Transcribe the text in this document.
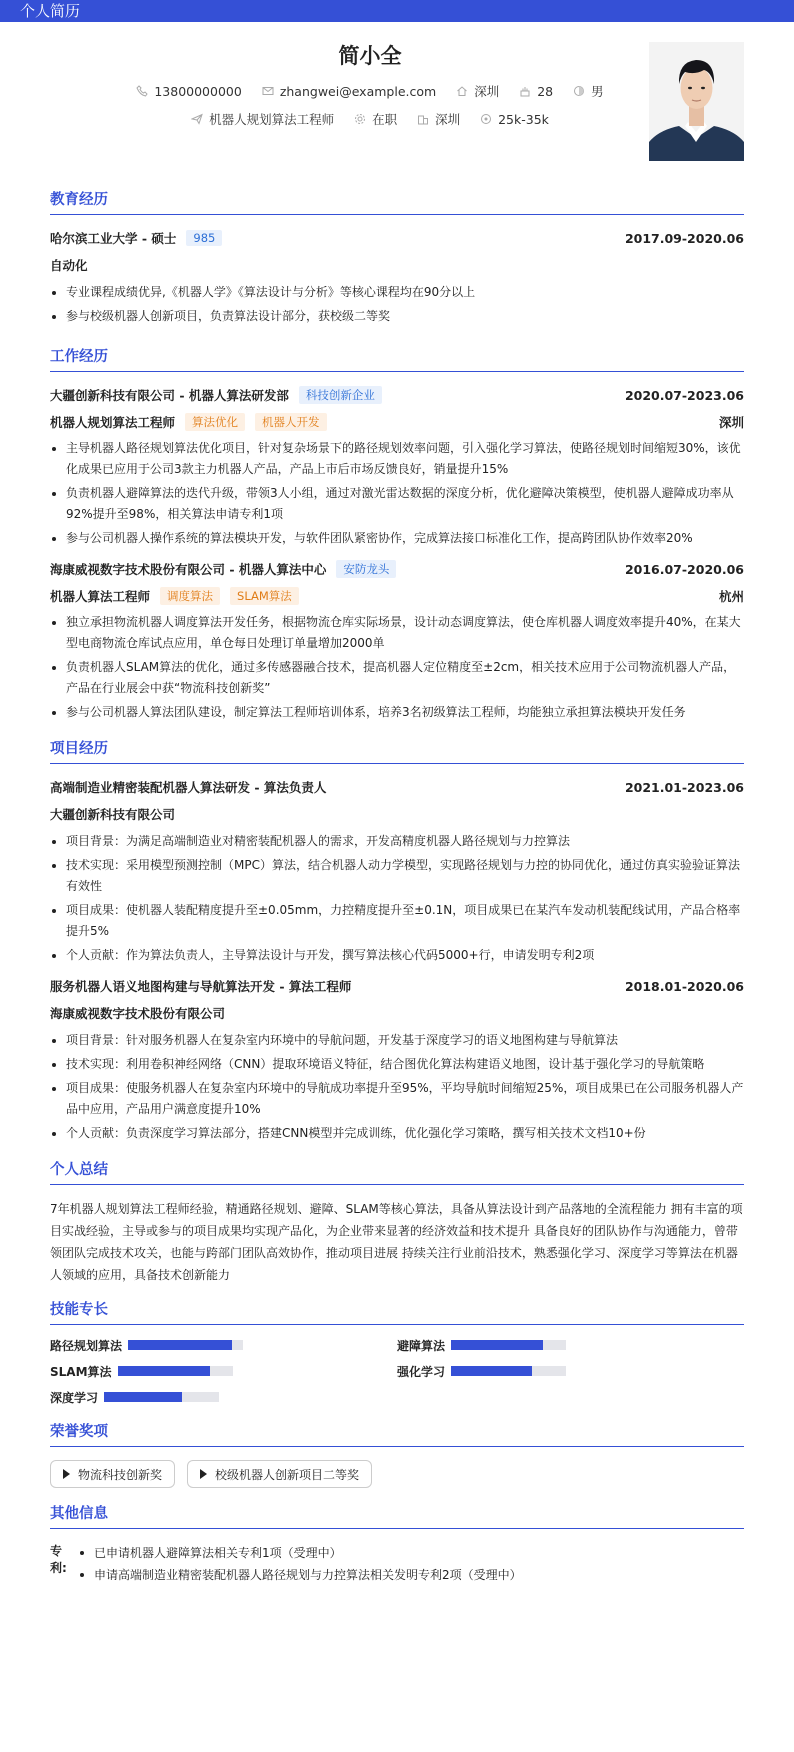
个人简历
简小全
13800000000	zhangwei@example.com	深圳	28	男
机器人规划算法工程师	在职	深圳	25k-35k
教育经历
哈尔滨工业大学 - 硕士	985	2017.09-2020.06
自动化
专业课程成绩优异,《机器人学》《算法设计与分析》等核心课程均在90分以上
参与校级机器人创新项目，负责算法设计部分，获校级二等奖
工作经历
大疆创新科技有限公司 - 机器人算法研发部	科技创新企业	2020.07-2023.06
机器人规划算法工程师	算法优化	机器人开发	深圳
主导机器人路径规划算法优化项目，针对复杂场景下的路径规划效率问题，引入强化学习算法，使路径规划时间缩短30%，该优化成果已应用于公司3款主力机器人产品，产品上市后市场反馈良好，销量提升15%
负责机器人避障算法的迭代升级，带领3人小组，通过对激光雷达数据的深度分析，优化避障决策模型，使机器人避障成功率从92%提升至98%，相关算法申请专利1项
参与公司机器人操作系统的算法模块开发，与软件团队紧密协作，完成算法接口标准化工作，提高跨团队协作效率20%
海康威视数字技术股份有限公司 - 机器人算法中心	安防龙头	2016.07-2020.06
机器人算法工程师	调度算法	SLAM算法	杭州
独立承担物流机器人调度算法开发任务，根据物流仓库实际场景，设计动态调度算法，使仓库机器人调度效率提升40%，在某大型电商物流仓库试点应用，单仓每日处理订单量增加2000单
负责机器人SLAM算法的优化，通过多传感器融合技术，提高机器人定位精度至±2cm，相关技术应用于公司物流机器人产品，产品在行业展会中获“物流科技创新奖”
参与公司机器人算法团队建设，制定算法工程师培训体系，培养3名初级算法工程师，均能独立承担算法模块开发任务
项目经历
高端制造业精密装配机器人算法研发 - 算法负责人	2021.01-2023.06
大疆创新科技有限公司
项目背景：为满足高端制造业对精密装配机器人的需求，开发高精度机器人路径规划与力控算法
技术实现：采用模型预测控制（MPC）算法，结合机器人动力学模型，实现路径规划与力控的协同优化，通过仿真实验验证算法有效性
项目成果：使机器人装配精度提升至±0.05mm，力控精度提升至±0.1N，项目成果已在某汽车发动机装配线试用，产品合格率提升5%
个人贡献：作为算法负责人，主导算法设计与开发，撰写算法核心代码5000+行，申请发明专利2项
服务机器人语义地图构建与导航算法开发 - 算法工程师	2018.01-2020.06
海康威视数字技术股份有限公司
项目背景：针对服务机器人在复杂室内环境中的导航问题，开发基于深度学习的语义地图构建与导航算法
技术实现：利用卷积神经网络（CNN）提取环境语义特征，结合图优化算法构建语义地图，设计基于强化学习的导航策略
项目成果：使服务机器人在复杂室内环境中的导航成功率提升至95%，平均导航时间缩短25%，项目成果已在公司服务机器人产品中应用，产品用户满意度提升10%
个人贡献：负责深度学习算法部分，搭建CNN模型并完成训练，优化强化学习策略，撰写相关技术文档10+份
个人总结
7年机器人规划算法工程师经验，精通路径规划、避障、SLAM等核心算法，具备从算法设计到产品落地的全流程能力 拥有丰富的项目实战经验，主导或参与的项目成果均实现产品化，为企业带来显著的经济效益和技术提升 具备良好的团队协作与沟通能力，曾带领团队完成技术攻关，也能与跨部门团队高效协作，推动项目进展 持续关注行业前沿技术，熟悉强化学习、深度学习等算法在机器人领域的应用，具备技术创新能力
技能专长
路径规划算法	避障算法
SLAM算法	强化学习
深度学习
荣誉奖项
物流科技创新奖	校级机器人创新项目二等奖
其他信息
专利:
已申请机器人避障算法相关专利1项（受理中）
申请高端制造业精密装配机器人路径规划与力控算法相关发明专利2项（受理中）
